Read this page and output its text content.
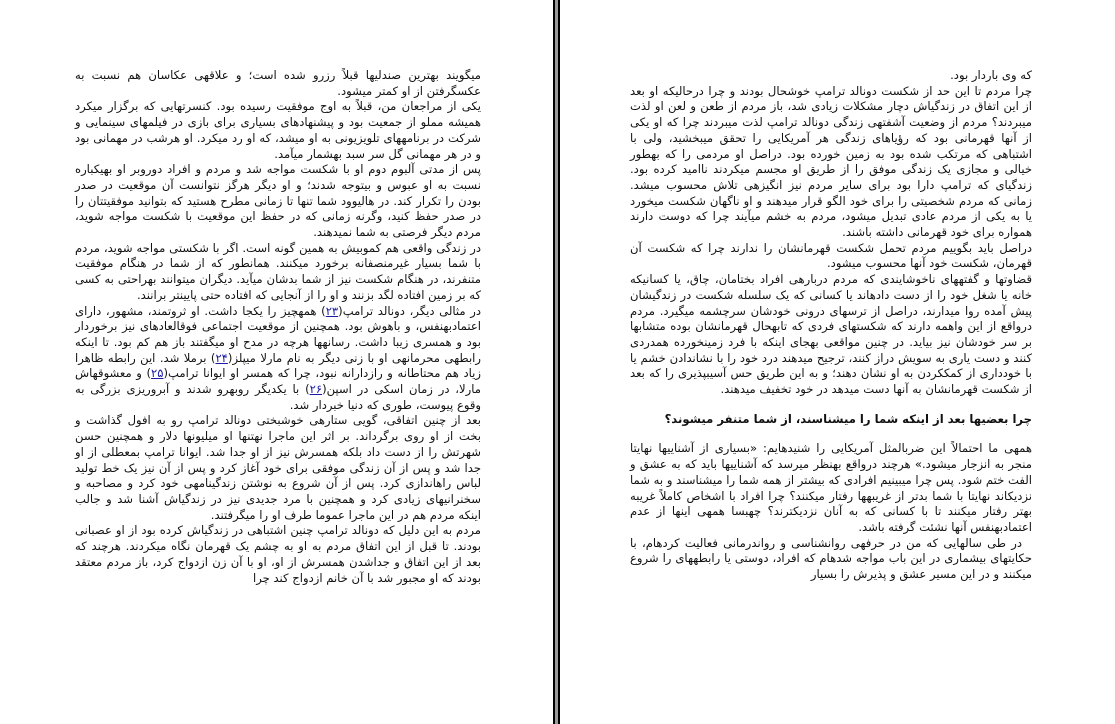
میگویند بهترین صندلیها قبلاً رزرو شده است؛ و علاقهی عکاسان هم نسبت به عکسگرفتن از او کمتر میشود.

یکی از مراجعان من، قبلاً به اوج موفقیت رسیده بود. کنسرتهایی که برگزار میکرد همیشه مملو از جمعیت بود و پیشنهادهای بسیاری برای بازی در فیلمهای سینمایی و شرکت در برنامههای تلویزیونی به او میشد، که او رد میکرد. او هرشب در مهمانی بود و در هر مهمانی گل سر سبد بهشمار میآمد.

پس از مدتی آلبوم دوم او با شکست مواجه شد و مردم و افراد دوروبر او بهیکباره نسبت به او عبوس و بیتوجه شدند؛ و او دیگر هرگز نتوانست آن موقعیت در صدر بودن را تکرار کند. در هالیوود شما تنها تا زمانی مطرح هستید که بتوانید موفقیتتان را در صدر حفظ کنید، وگرنه زمانی که در حفظ این موقعیت با شکست مواجه شوید، مردم دیگر فرصتی به شما نمیدهند.

در زندگی واقعی هم کموبیش به همین گونه است. اگر با شکستی مواجه شوید، مردم با شما بسیار غیرمنصفانه برخورد میکنند. همانطور که از شما در هنگام موفقیت متنفرند، در هنگام شکست نیز از شما بدشان میآید. دیگران میتوانند بهراحتی به کسی که بر زمین افتاده لگد بزنند و او را از آنجایی که افتاده حتی پایینتر برانند.

در مثالی دیگر، دونالد ترامپ(۲۳) همهچیز را یکجا داشت. او ثروتمند، مشهور، دارای اعتمادبهنفس، و باهوش بود. همچنین از موقعیت اجتماعی فوقالعادهای نیز برخوردار بود و همسری زیبا داشت. رسانهها هرچه در مدح او میگفتند باز هم کم بود. تا اینکه رابطهی محرمانهی او با زنی دیگر به نام مارلا میپلز(۲۴) برملا شد. این رابطه ظاهرا زیاد هم محتاطانه و رازدارانه نبود، چرا که همسر او ایوانا ترامپ(۲۵) و معشوقهاش مارلا، در زمان اسکی در اسپن(۲۶) با یکدیگر روبهرو شدند و آبروریزی بزرگی به وقوع پیوست، طوری که دنیا خبردار شد.

بعد از چنین اتفاقی، گویی ستارهی خوشبختی دونالد ترامپ رو به افول گذاشت و بخت از او روی برگرداند. بر اثر این ماجرا نهتنها او میلیونها دلار و همچنین حسن شهرتش را از دست داد بلکه همسرش نیز از او جدا شد. ایوانا ترامپ بمعطلی از او جدا شد و پس از آن زندگی موفقی برای خود آغاز کرد و پس از آن نیز یک خط تولید لباس راهاندازی کرد. پس از آن شروع به نوشتن زندگینامهی خود کرد و مصاحبه و سخنرانیهای زیادی کرد و همچنین با مرد جدیدی نیز در زندگیاش آشنا شد و جالب اینکه مردم هم در این ماجرا عموما طرف او را میگرفتند.

مردم به این دلیل که دونالد ترامپ چنین اشتباهی در زندگیاش کرده بود از او عصبانی بودند. تا قبل از این اتفاق مردم به او به چشم یک قهرمان نگاه میکردند. هرچند که بعد از این اتفاق و جداشدن همسرش از او، او با آن زن ازدواج کرد، باز مردم معتقد بودند که او مجبور شد با آن خانم ازدواج کند چرا

که وی باردار بود.

چرا مردم تا این حد از شکست دونالد ترامپ خوشحال بودند و چرا درحالیکه او بعد از این اتفاق در زندگیاش دچار مشکلات زیادی شد، باز مردم از طعن و لعن او لذت میبردند؟ مردم از وضعیت آشفتهی زندگی دونالد ترامپ لذت میبردند چرا که او یکی از آنها قهرمانی بود که رؤیاهای زندگی هر آمریکایی را تحقق میبخشید، ولی با اشتباهی که مرتکب شده بود به زمین خورده بود. دراصل او مردمی را که بهطور خیالی و مجازی یک زندگی موفق را از طریق او مجسم میکردند ناامید کرده بود. زندگیای که ترامپ دارا بود برای سایر مردم نیز انگیزهی تلاش محسوب میشد. زمانی که مردم شخصیتی را برای خود الگو قرار میدهند و او ناگهان شکست میخورد یا به یکی از مردم عادی تبدیل میشود، مردم به خشم میآیند چرا که دوست دارند همواره برای خود قهرمانی داشته باشند.

دراصل باید بگوییم مردم تحمل شکست قهرمانشان را ندارند چرا که شکست آن قهرمان، شکست خود آنها محسوب میشود.

قضاوتها و گفتههای ناخوشایندی که مردم دربارهی افراد بختامان، چاق، یا کسانیکه خانه یا شغل خود را از دست دادهاند یا کسانی که یک سلسله شکست در زندگیشان پیش آمده روا میدارند، دراصل از ترسهای درونی خودشان سرچشمه میگیرد. مردم درواقع از این واهمه دارند که شکستهای فردی که تابهحال قهرمانشان بوده متشابها بر سر خودشان نیز بیاید. در چنین مواقعی بهجای اینکه با فرد زمینخورده همدردی کنند و دست یاری به سویش دراز کنند، ترجیح میدهند درد خود را با نشاندادن خشم یا با خودداری از کمککردن به او نشان دهند؛ و به این طریق حس آسیبپذیری را که بعد از شکست قهرمانشان به آنها دست میدهد در خود تخفیف میدهند.

چرا بعضیها بعد از اینکه شما را میشناسند، از شما متنفر میشوند؟

همهی ما احتمالاً این ضربالمثل آمریکایی را شنیدهایم: «بسیاری از آشناییها نهایتا منجر به انزجار میشود.» هرچند درواقع بهنظر میرسد که آشناییها باید که به عشق و الفت ختم شود. پس چرا میبینیم افرادی که بیشتر از همه شما را میشناسند و به شما نزدیکاند نهایتا با شما بدتر از غریبهها رفتار میکنند؟ چرا افراد با اشخاص کاملاً غریبه بهتر رفتار میکنند تا با کسانی که به آنان نزدیکترند؟ چهبسا همهی اینها از عدم اعتمادبهنفس آنها نشئت گرفته باشد.

در طی سالهایی که من در حرفهی روانشناسی و رواندرمانی فعالیت کردهام، با حکایتهای بیشماری در این باب مواجه شدهام که افراد، دوستی یا رابطههای را شروع میکنند و در این مسیر عشق و پذیرش را بسیار
